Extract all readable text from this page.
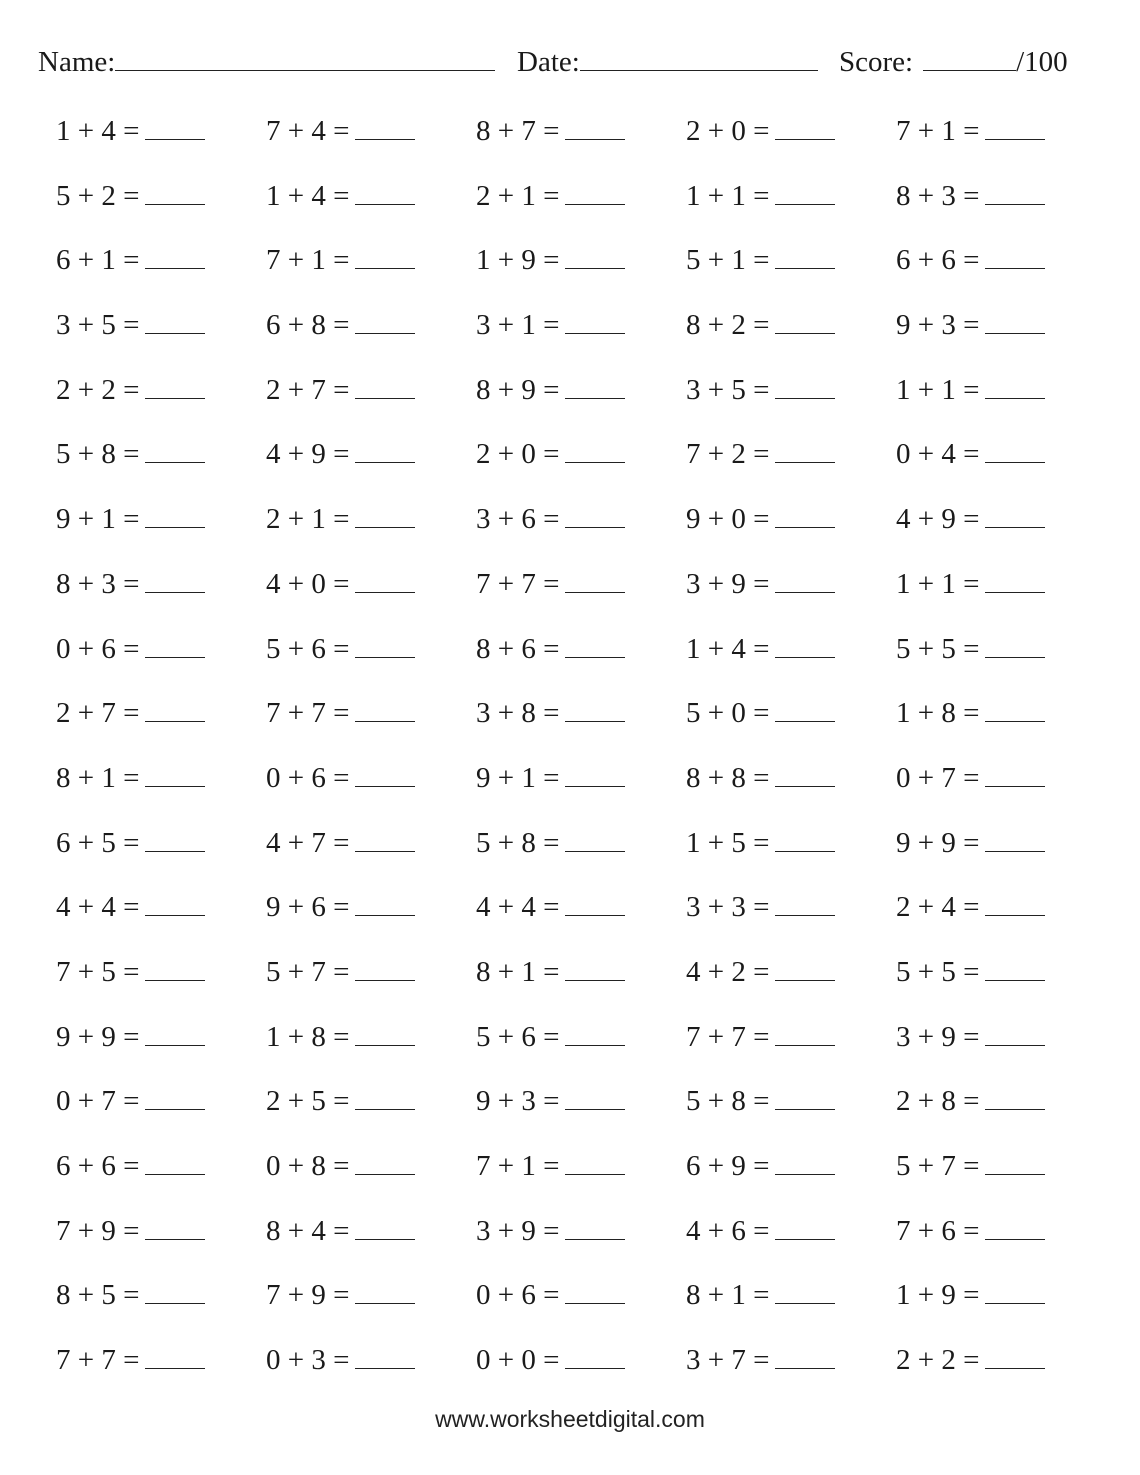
Name:	Date:	Score:	/100
1 + 4 =	7 + 4 =	8 + 7 =	2 + 0 =	7 + 1 =
5 + 2 =	1 + 4 =	2 + 1 =	1 + 1 =	8 + 3 =
6 + 1 =	7 + 1 =	1 + 9 =	5 + 1 =	6 + 6 =
3 + 5 =	6 + 8 =	3 + 1 =	8 + 2 =	9 + 3 =
2 + 2 =	2 + 7 =	8 + 9 =	3 + 5 =	1 + 1 =
5 + 8 =	4 + 9 =	2 + 0 =	7 + 2 =	0 + 4 =
9 + 1 =	2 + 1 =	3 + 6 =	9 + 0 =	4 + 9 =
8 + 3 =	4 + 0 =	7 + 7 =	3 + 9 =	1 + 1 =
0 + 6 =	5 + 6 =	8 + 6 =	1 + 4 =	5 + 5 =
2 + 7 =	7 + 7 =	3 + 8 =	5 + 0 =	1 + 8 =
8 + 1 =	0 + 6 =	9 + 1 =	8 + 8 =	0 + 7 =
6 + 5 =	4 + 7 =	5 + 8 =	1 + 5 =	9 + 9 =
4 + 4 =	9 + 6 =	4 + 4 =	3 + 3 =	2 + 4 =
7 + 5 =	5 + 7 =	8 + 1 =	4 + 2 =	5 + 5 =
9 + 9 =	1 + 8 =	5 + 6 =	7 + 7 =	3 + 9 =
0 + 7 =	2 + 5 =	9 + 3 =	5 + 8 =	2 + 8 =
6 + 6 =	0 + 8 =	7 + 1 =	6 + 9 =	5 + 7 =
7 + 9 =	8 + 4 =	3 + 9 =	4 + 6 =	7 + 6 =
8 + 5 =	7 + 9 =	0 + 6 =	8 + 1 =	1 + 9 =
7 + 7 =	0 + 3 =	0 + 0 =	3 + 7 =	2 + 2 =
www.worksheetdigital.com
